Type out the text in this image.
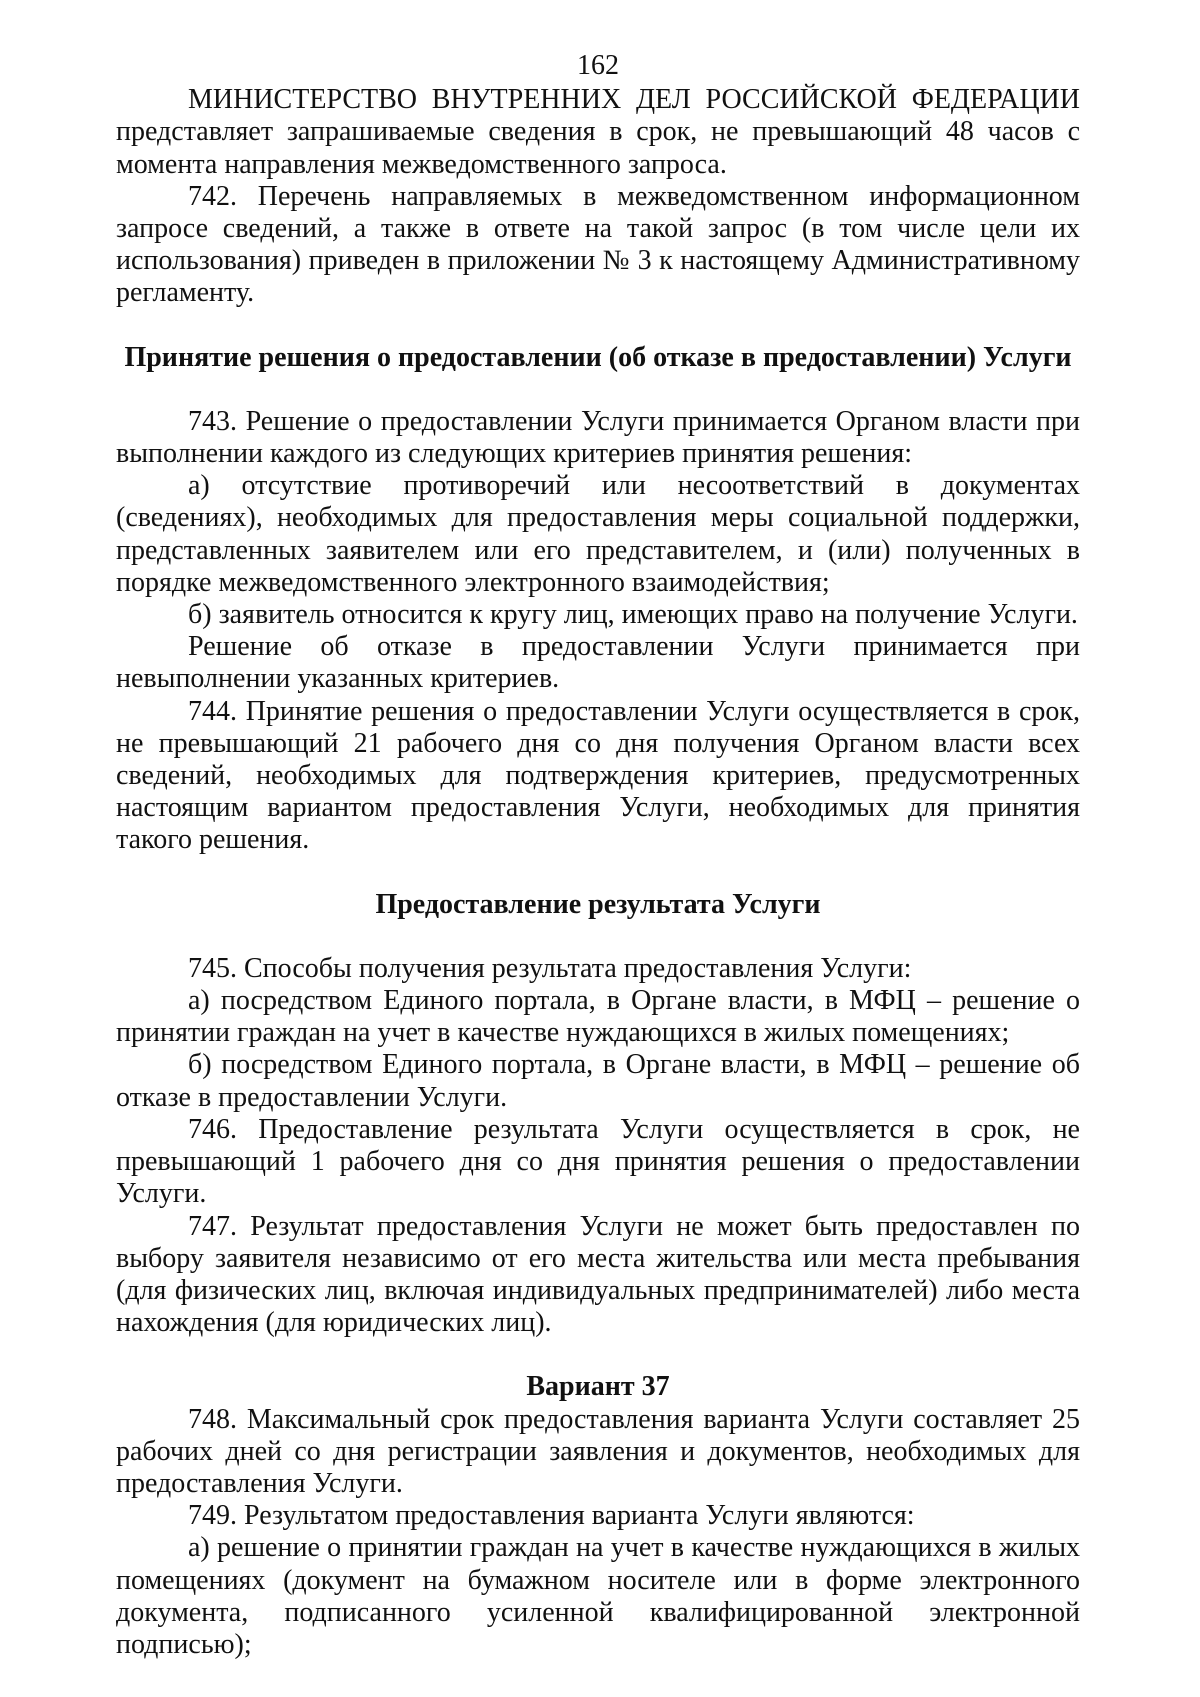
162

МИНИСТЕРСТВО ВНУТРЕННИХ ДЕЛ РОССИЙСКОЙ ФЕДЕРАЦИИ представляет запрашиваемые сведения в срок, не превышающий 48 часов с момента направления межведомственного запроса.

742. Перечень направляемых в межведомственном информационном запросе сведений, а также в ответе на такой запрос (в том числе цели их использования) приведен в приложении № 3 к настоящему Административному регламенту.

Принятие решения о предоставлении (об отказе в предоставлении) Услуги

743. Решение о предоставлении Услуги принимается Органом власти при выполнении каждого из следующих критериев принятия решения:

а) отсутствие противоречий или несоответствий в документах (сведениях), необходимых для предоставления меры социальной поддержки, представленных заявителем или его представителем, и (или) полученных в порядке межведомственного электронного взаимодействия;

б) заявитель относится к кругу лиц, имеющих право на получение Услуги.

Решение об отказе в предоставлении Услуги принимается при невыполнении указанных критериев.

744. Принятие решения о предоставлении Услуги осуществляется в срок, не превышающий 21 рабочего дня со дня получения Органом власти всех сведений, необходимых для подтверждения критериев, предусмотренных настоящим вариантом предоставления Услуги, необходимых для принятия такого решения.

Предоставление результата Услуги

745. Способы получения результата предоставления Услуги:

а) посредством Единого портала, в Органе власти, в МФЦ – решение о принятии граждан на учет в качестве нуждающихся в жилых помещениях;

б) посредством Единого портала, в Органе власти, в МФЦ – решение об отказе в предоставлении Услуги.

746. Предоставление результата Услуги осуществляется в срок, не превышающий 1 рабочего дня со дня принятия решения о предоставлении Услуги.

747. Результат предоставления Услуги не может быть предоставлен по выбору заявителя независимо от его места жительства или места пребывания (для физических лиц, включая индивидуальных предпринимателей) либо места нахождения (для юридических лиц).

Вариант 37

748. Максимальный срок предоставления варианта Услуги составляет 25 рабочих дней со дня регистрации заявления и документов, необходимых для предоставления Услуги.

749. Результатом предоставления варианта Услуги являются:

а) решение о принятии граждан на учет в качестве нуждающихся в жилых помещениях (документ на бумажном носителе или в форме электронного документа, подписанного усиленной квалифицированной электронной подписью);
